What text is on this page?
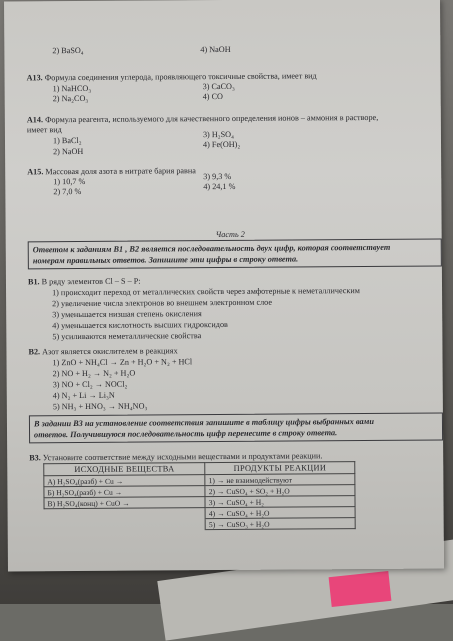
2) BaSO₄	4) NaOH
A13. Формула соединения углерода, проявляющего токсичные свойства, имеет вид
1) NaHCO₃
2) Na₂CO₃
3) CaCO₃
4) CO
A14. Формула реагента, используемого для качественного определения ионов – аммония в растворе,
имеет вид
1) BaCl₂
2) NaOH
3) H₂SO₄
4) Fe(OH)₂
A15. Массовая доля азота в нитрате бария равна
1) 10,7 %
2) 7,0 %
3) 9,3 %
4) 24,1 %
Часть 2
Ответом к заданиям В1 , В2 является последовательность двух цифр, которая соответствует
номерам правильных ответов. Запишите эти цифры в строку ответа.
B1. В ряду элементов Cl – S – P:
1) происходит переход от металлических свойств через амфотерные к неметаллическим
2) увеличение числа электронов во внешнем электронном слое
3) уменьшается низшая степень окисления
4) уменьшается кислотность высших гидроксидов
5) усиливаются неметаллические свойства
B2. Азот является окислителем в реакциях
1) ZnO + NH₄Cl → Zn + H₂O + N₂ + HCl
2) NO + H₂ → N₂ + H₂O
3) NO + Cl₂ → NOCl₂
4) N₂ + Li → Li₃N
5) NH₃ + HNO₃ → NH₄NO₃
В задании В3 на установление соответствия запишите в таблицу цифры выбранных вами
ответов. Получившуюся последовательность цифр перенесите в строку ответа.
B3. Установите соответствие между исходными веществами и продуктами реакции.
ИСХОДНЫЕ ВЕЩЕСТВА	ПРОДУКТЫ РЕАКЦИИ
А) H₂SO₄(разб) + Cu →	1) → не взаимодействуют
Б) H₂SO₄(разб) + Cu →	2) → CuSO₄ + SO₂ + H₂O
В) H₂SO₄(конц) + CuO →	3) → CuSO₄ + H₂
	4) → CuSO₄ + H₂O
	5) → CuSO₃ + H₂O
